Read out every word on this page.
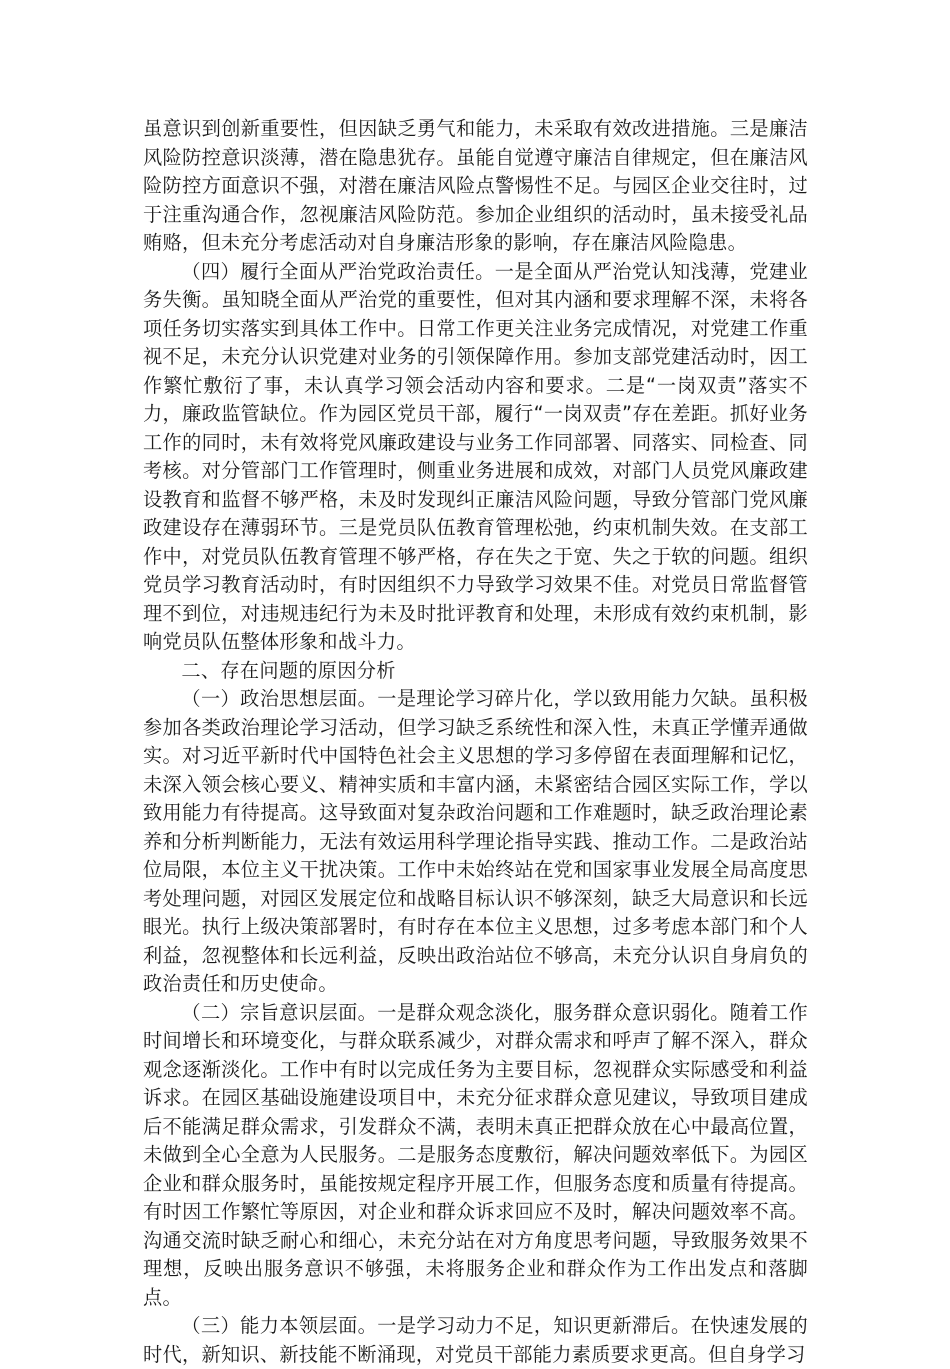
虽意识到创新重要性，但因缺乏勇气和能力，未采取有效改进措施。三是廉洁风险防控意识淡薄，潜在隐患犹存。虽能自觉遵守廉洁自律规定，但在廉洁风险防控方面意识不强，对潜在廉洁风险点警惕性不足。与园区企业交往时，过于注重沟通合作，忽视廉洁风险防范。参加企业组织的活动时，虽未接受礼品贿赂，但未充分考虑活动对自身廉洁形象的影响，存在廉洁风险隐患。

（四）履行全面从严治党政治责任。一是全面从严治党认知浅薄，党建业务失衡。虽知晓全面从严治党的重要性，但对其内涵和要求理解不深，未将各项任务切实落实到具体工作中。日常工作更关注业务完成情况，对党建工作重视不足，未充分认识党建对业务的引领保障作用。参加支部党建活动时，因工作繁忙敷衍了事，未认真学习领会活动内容和要求。二是“一岗双责”落实不力，廉政监管缺位。作为园区党员干部，履行“一岗双责”存在差距。抓好业务工作的同时，未有效将党风廉政建设与业务工作同部署、同落实、同检查、同考核。对分管部门工作管理时，侧重业务进展和成效，对部门人员党风廉政建设教育和监督不够严格，未及时发现纠正廉洁风险问题，导致分管部门党风廉政建设存在薄弱环节。三是党员队伍教育管理松弛，约束机制失效。在支部工作中，对党员队伍教育管理不够严格，存在失之于宽、失之于软的问题。组织党员学习教育活动时，有时因组织不力导致学习效果不佳。对党员日常监督管理不到位，对违规违纪行为未及时批评教育和处理，未形成有效约束机制，影响党员队伍整体形象和战斗力。

二、存在问题的原因分析

（一）政治思想层面。一是理论学习碎片化，学以致用能力欠缺。虽积极参加各类政治理论学习活动，但学习缺乏系统性和深入性，未真正学懂弄通做实。对习近平新时代中国特色社会主义思想的学习多停留在表面理解和记忆，未深入领会核心要义、精神实质和丰富内涵，未紧密结合园区实际工作，学以致用能力有待提高。这导致面对复杂政治问题和工作难题时，缺乏政治理论素养和分析判断能力，无法有效运用科学理论指导实践、推动工作。二是政治站位局限，本位主义干扰决策。工作中未始终站在党和国家事业发展全局高度思考处理问题，对园区发展定位和战略目标认识不够深刻，缺乏大局意识和长远眼光。执行上级决策部署时，有时存在本位主义思想，过多考虑本部门和个人利益，忽视整体和长远利益，反映出政治站位不够高，未充分认识自身肩负的政治责任和历史使命。

（二）宗旨意识层面。一是群众观念淡化，服务群众意识弱化。随着工作时间增长和环境变化，与群众联系减少，对群众需求和呼声了解不深入，群众观念逐渐淡化。工作中有时以完成任务为主要目标，忽视群众实际感受和利益诉求。在园区基础设施建设项目中，未充分征求群众意见建议，导致项目建成后不能满足群众需求，引发群众不满，表明未真正把群众放在心中最高位置，未做到全心全意为人民服务。二是服务态度敷衍，解决问题效率低下。为园区企业和群众服务时，虽能按规定程序开展工作，但服务态度和质量有待提高。有时因工作繁忙等原因，对企业和群众诉求回应不及时，解决问题效率不高。沟通交流时缺乏耐心和细心，未充分站在对方角度思考问题，导致服务效果不理想，反映出服务意识不够强，未将服务企业和群众作为工作出发点和落脚点。

（三）能力本领层面。一是学习动力不足，知识更新滞后。在快速发展的时代，新知识、新技能不断涌现，对党员干部能力素质要求更高。但自身学习
